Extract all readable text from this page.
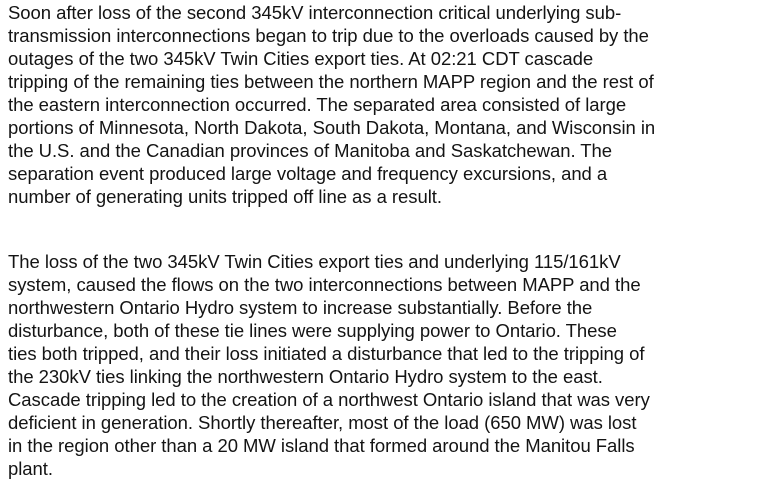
Soon after loss of the second 345kV interconnection critical underlying sub-
transmission interconnections began to trip due to the overloads caused by the
outages of the two 345kV Twin Cities export ties. At 02:21 CDT cascade
tripping of the remaining ties between the northern MAPP region and the rest of
the eastern interconnection occurred. The separated area consisted of large
portions of Minnesota, North Dakota, South Dakota, Montana, and Wisconsin in
the U.S. and the Canadian provinces of Manitoba and Saskatchewan. The
separation event produced large voltage and frequency excursions, and a
number of generating units tripped off line as a result.

The loss of the two 345kV Twin Cities export ties and underlying 115/161kV
system, caused the flows on the two interconnections between MAPP and the
northwestern Ontario Hydro system to increase substantially. Before the
disturbance, both of these tie lines were supplying power to Ontario. These
ties both tripped, and their loss initiated a disturbance that led to the tripping of
the 230kV ties linking the northwestern Ontario Hydro system to the east.
Cascade tripping led to the creation of a northwest Ontario island that was very
deficient in generation. Shortly thereafter, most of the load (650 MW) was lost
in the region other than a 20 MW island that formed around the Manitou Falls
plant.
